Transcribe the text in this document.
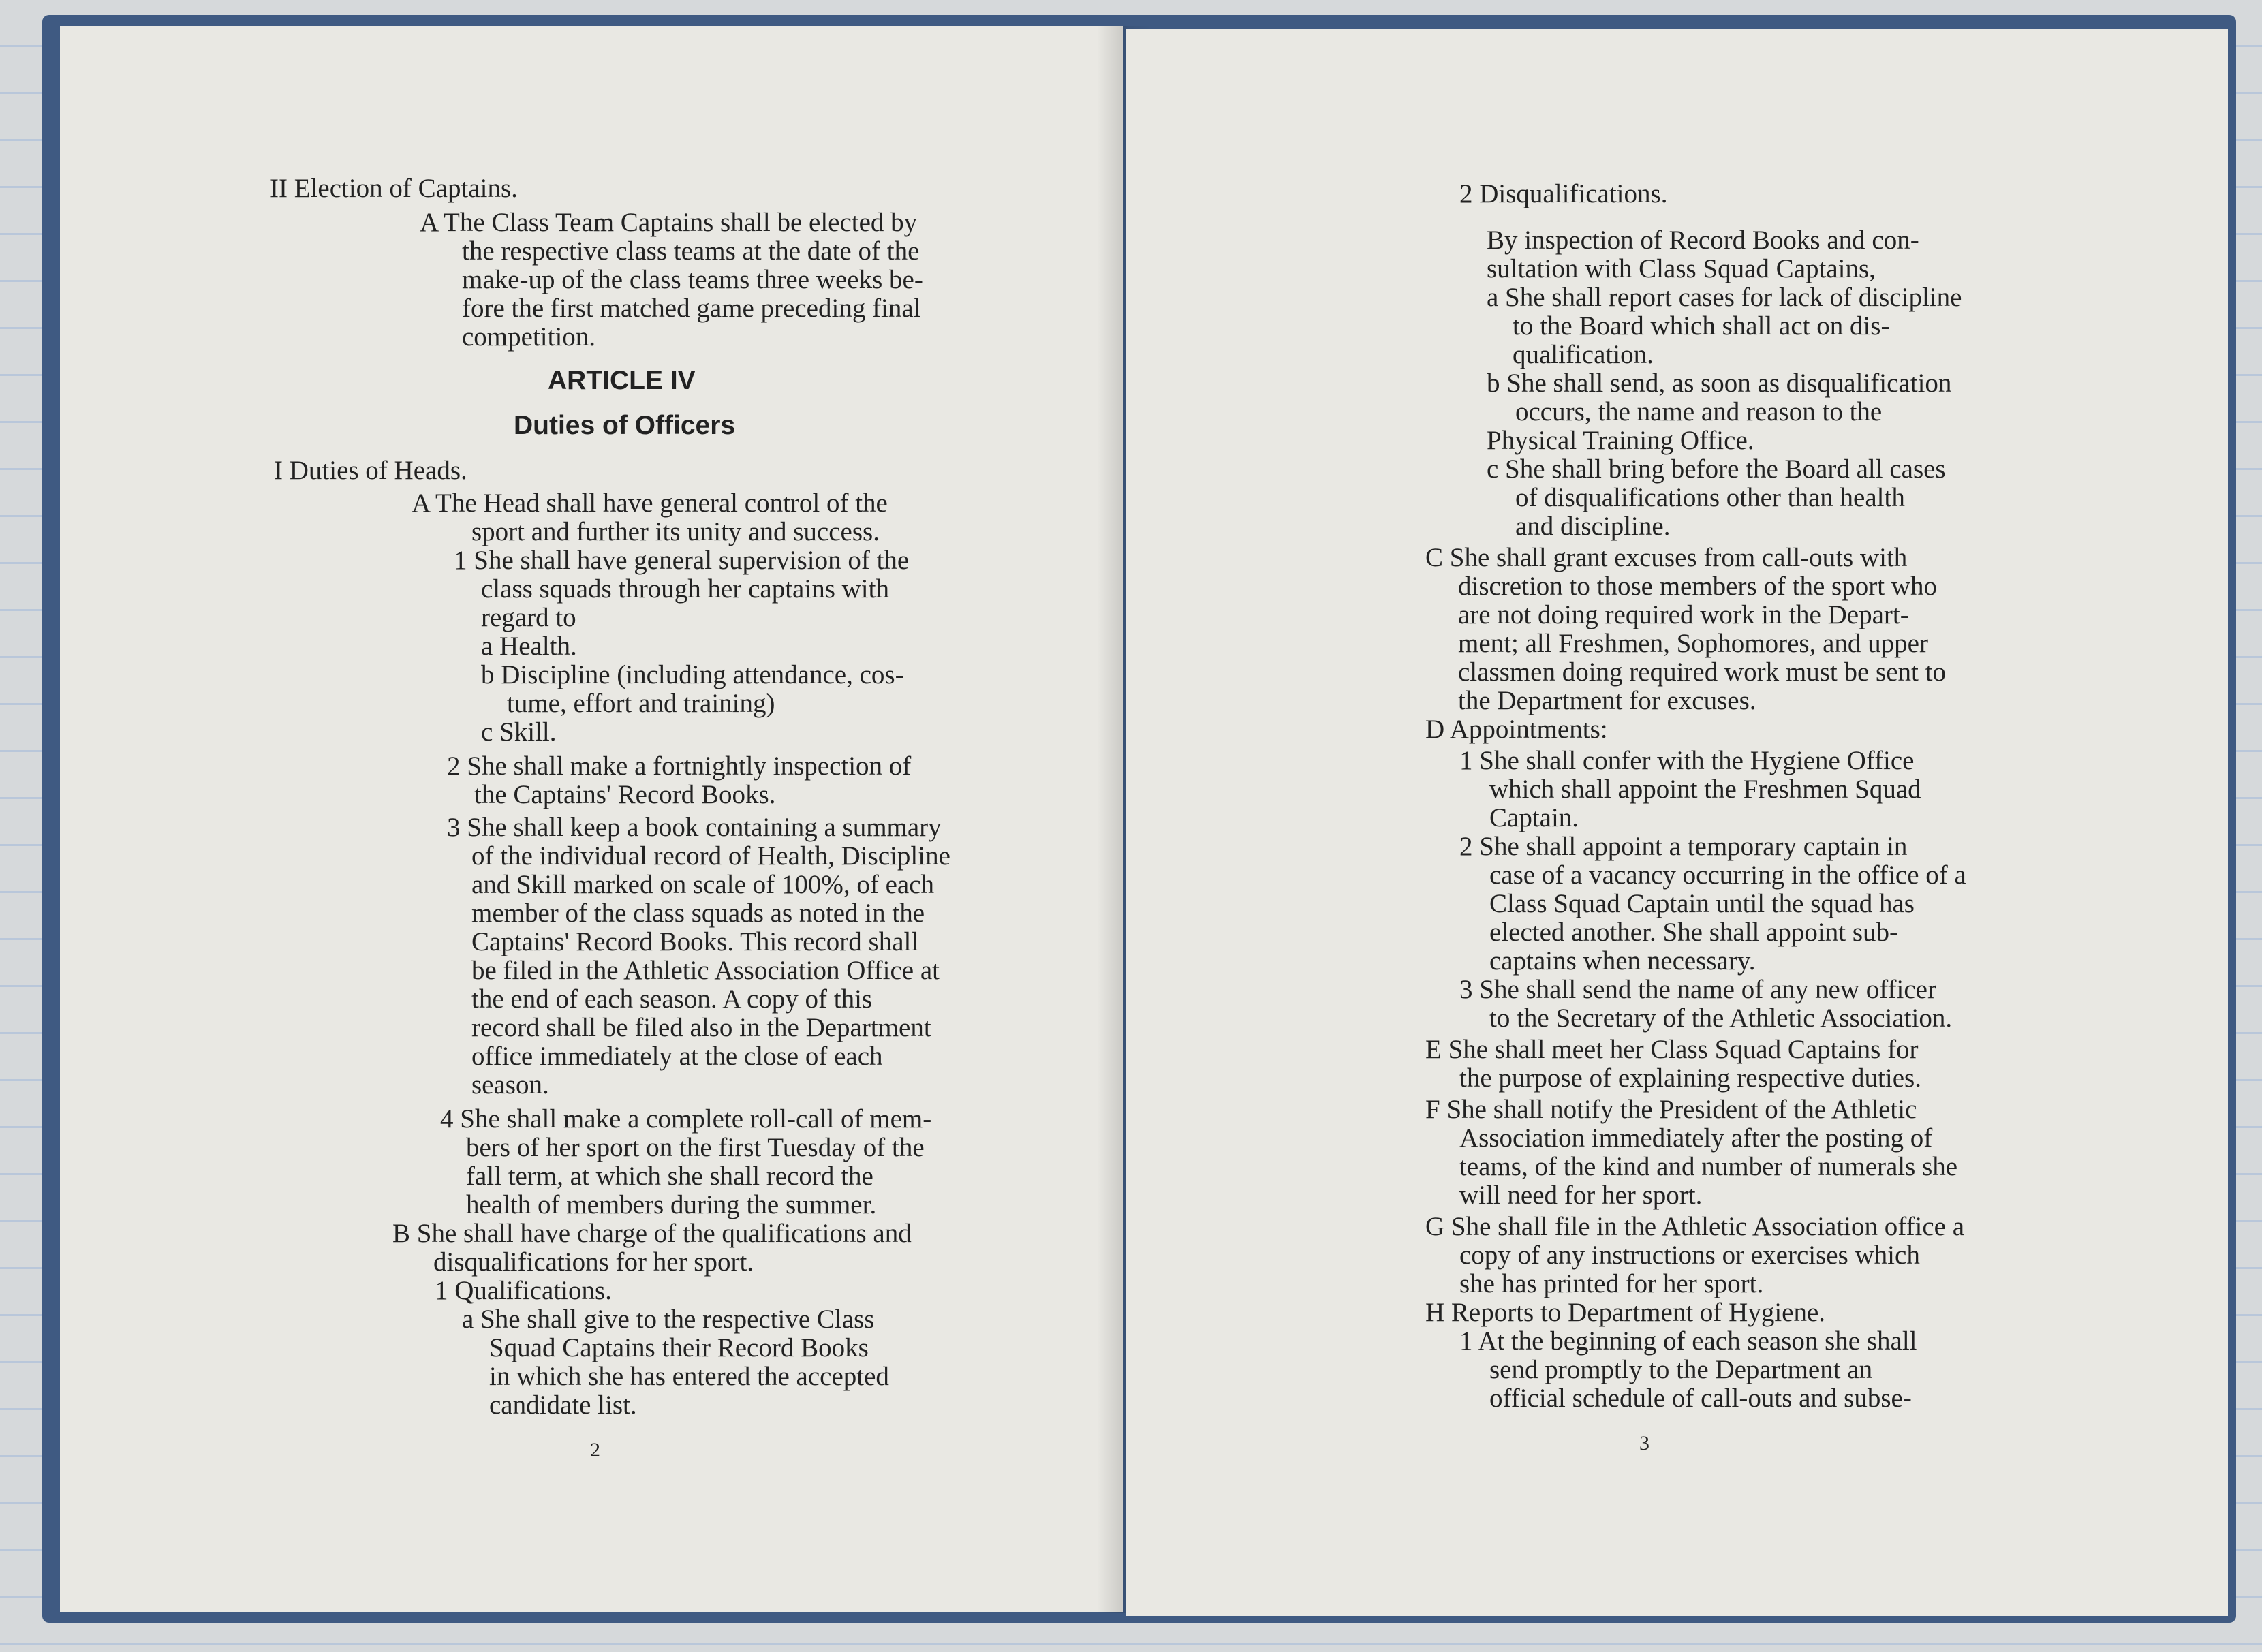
II Election of Captains.
A The Class Team Captains shall be elected by
the respective class teams at the date of the
make-up of the class teams three weeks be-
fore the first matched game preceding final
competition.
ARTICLE IV
Duties of Officers
I Duties of Heads.
A The Head shall have general control of the
sport and further its unity and success.
1 She shall have general supervision of the
class squads through her captains with
regard to
a Health.
b Discipline (including attendance, cos-
tume, effort and training)
c Skill.
2 She shall make a fortnightly inspection of
the Captains' Record Books.
3 She shall keep a book containing a summary
of the individual record of Health, Discipline
and Skill marked on scale of 100%, of each
member of the class squads as noted in the
Captains' Record Books. This record shall
be filed in the Athletic Association Office at
the end of each season. A copy of this
record shall be filed also in the Department
office immediately at the close of each
season.
4 She shall make a complete roll-call of mem-
bers of her sport on the first Tuesday of the
fall term, at which she shall record the
health of members during the summer.
B She shall have charge of the qualifications and
disqualifications for her sport.
1 Qualifications.
a She shall give to the respective Class
Squad Captains their Record Books
in which she has entered the accepted
candidate list.
2
2 Disqualifications.
By inspection of Record Books and con-
sultation with Class Squad Captains,
a She shall report cases for lack of discipline
to the Board which shall act on dis-
qualification.
b She shall send, as soon as disqualification
occurs, the name and reason to the
Physical Training Office.
c She shall bring before the Board all cases
of disqualifications other than health
and discipline.
C She shall grant excuses from call-outs with
discretion to those members of the sport who
are not doing required work in the Depart-
ment; all Freshmen, Sophomores, and upper
classmen doing required work must be sent to
the Department for excuses.
D Appointments:
1 She shall confer with the Hygiene Office
which shall appoint the Freshmen Squad
Captain.
2 She shall appoint a temporary captain in
case of a vacancy occurring in the office of a
Class Squad Captain until the squad has
elected another. She shall appoint sub-
captains when necessary.
3 She shall send the name of any new officer
to the Secretary of the Athletic Association.
E She shall meet her Class Squad Captains for
the purpose of explaining respective duties.
F She shall notify the President of the Athletic
Association immediately after the posting of
teams, of the kind and number of numerals she
will need for her sport.
G She shall file in the Athletic Association office a
copy of any instructions or exercises which
she has printed for her sport.
H Reports to Department of Hygiene.
1 At the beginning of each season she shall
send promptly to the Department an
official schedule of call-outs and subse-
3
